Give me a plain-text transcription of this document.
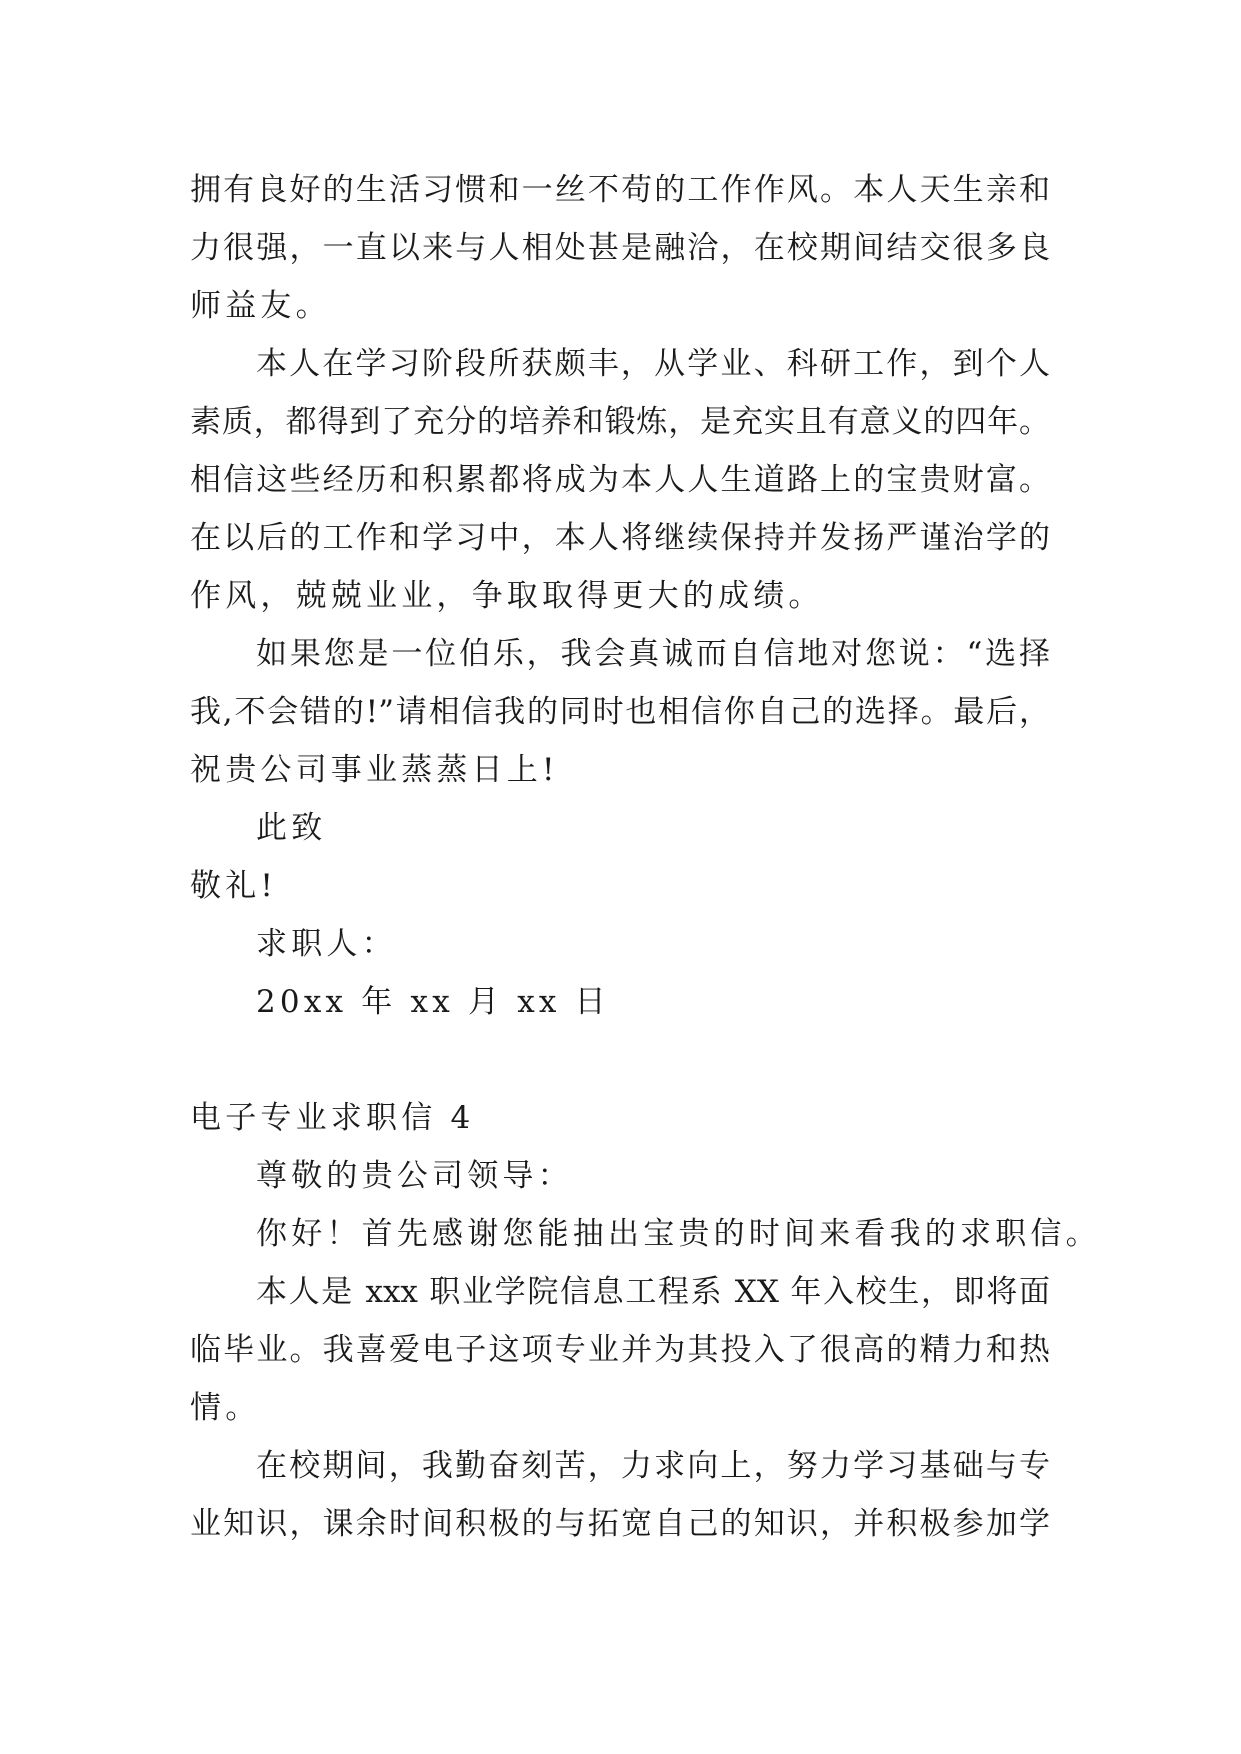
拥有良好的生活习惯和一丝不苟的工作作风。本人天生亲和
力很强，一直以来与人相处甚是融洽，在校期间结交很多良
师益友。
本人在学习阶段所获颇丰，从学业、科研工作，到个人
素质，都得到了充分的培养和锻炼，是充实且有意义的四年。
相信这些经历和积累都将成为本人人生道路上的宝贵财富。
在以后的工作和学习中，本人将继续保持并发扬严谨治学的
作风，兢兢业业，争取取得更大的成绩。
如果您是一位伯乐，我会真诚而自信地对您说：“选择
我,不会错的!”请相信我的同时也相信你自己的选择。最后，
祝贵公司事业蒸蒸日上!
此致
敬礼!
求职人：
20xx 年 xx 月 xx 日
电子专业求职信 4
尊敬的贵公司领导：
你好！首先感谢您能抽出宝贵的时间来看我的求职信。
本人是 xxx 职业学院信息工程系 XX 年入校生，即将面
临毕业。我喜爱电子这项专业并为其投入了很高的精力和热
情。
在校期间，我勤奋刻苦，力求向上，努力学习基础与专
业知识，课余时间积极的与拓宽自己的知识，并积极参加学
